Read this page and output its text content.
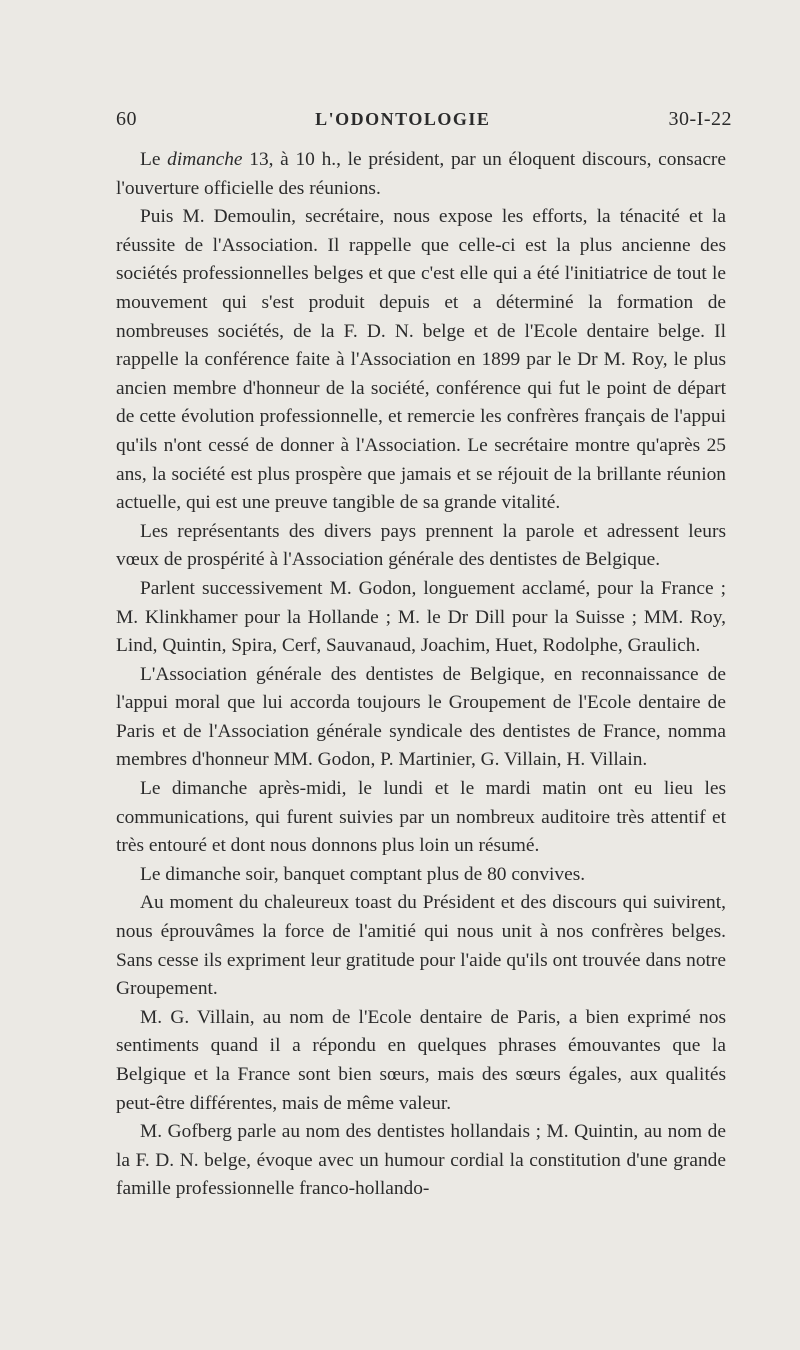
60	L'ODONTOLOGIE	30-I-22

Le dimanche 13, à 10 h., le président, par un éloquent discours, consacre l'ouverture officielle des réunions.

Puis M. Demoulin, secrétaire, nous expose les efforts, la ténacité et la réussite de l'Association. Il rappelle que celle-ci est la plus ancienne des sociétés professionnelles belges et que c'est elle qui a été l'initiatrice de tout le mouvement qui s'est produit depuis et a déterminé la formation de nombreuses sociétés, de la F. D. N. belge et de l'Ecole dentaire belge. Il rappelle la conférence faite à l'Association en 1899 par le Dr M. Roy, le plus ancien membre d'honneur de la société, conférence qui fut le point de départ de cette évolution professionnelle, et remercie les confrères français de l'appui qu'ils n'ont cessé de donner à l'Association. Le secrétaire montre qu'après 25 ans, la société est plus prospère que jamais et se réjouit de la brillante réunion actuelle, qui est une preuve tangible de sa grande vitalité.

Les représentants des divers pays prennent la parole et adressent leurs vœux de prospérité à l'Association générale des dentistes de Belgique.

Parlent successivement M. Godon, longuement acclamé, pour la France ; M. Klinkhamer pour la Hollande ; M. le Dr Dill pour la Suisse ; MM. Roy, Lind, Quintin, Spira, Cerf, Sauvanaud, Joachim, Huet, Rodolphe, Graulich.

L'Association générale des dentistes de Belgique, en reconnaissance de l'appui moral que lui accorda toujours le Groupement de l'Ecole dentaire de Paris et de l'Association générale syndicale des dentistes de France, nomma membres d'honneur MM. Godon, P. Martinier, G. Villain, H. Villain.

Le dimanche après-midi, le lundi et le mardi matin ont eu lieu les communications, qui furent suivies par un nombreux auditoire très attentif et très entouré et dont nous donnons plus loin un résumé.

Le dimanche soir, banquet comptant plus de 80 convives.

Au moment du chaleureux toast du Président et des discours qui suivirent, nous éprouvâmes la force de l'amitié qui nous unit à nos confrères belges. Sans cesse ils expriment leur gratitude pour l'aide qu'ils ont trouvée dans notre Groupement.

M. G. Villain, au nom de l'Ecole dentaire de Paris, a bien exprimé nos sentiments quand il a répondu en quelques phrases émouvantes que la Belgique et la France sont bien sœurs, mais des sœurs égales, aux qualités peut-être différentes, mais de même valeur.

M. Gofberg parle au nom des dentistes hollandais ; M. Quintin, au nom de la F. D. N. belge, évoque avec un humour cordial la constitution d'une grande famille professionnelle franco-hollando-
